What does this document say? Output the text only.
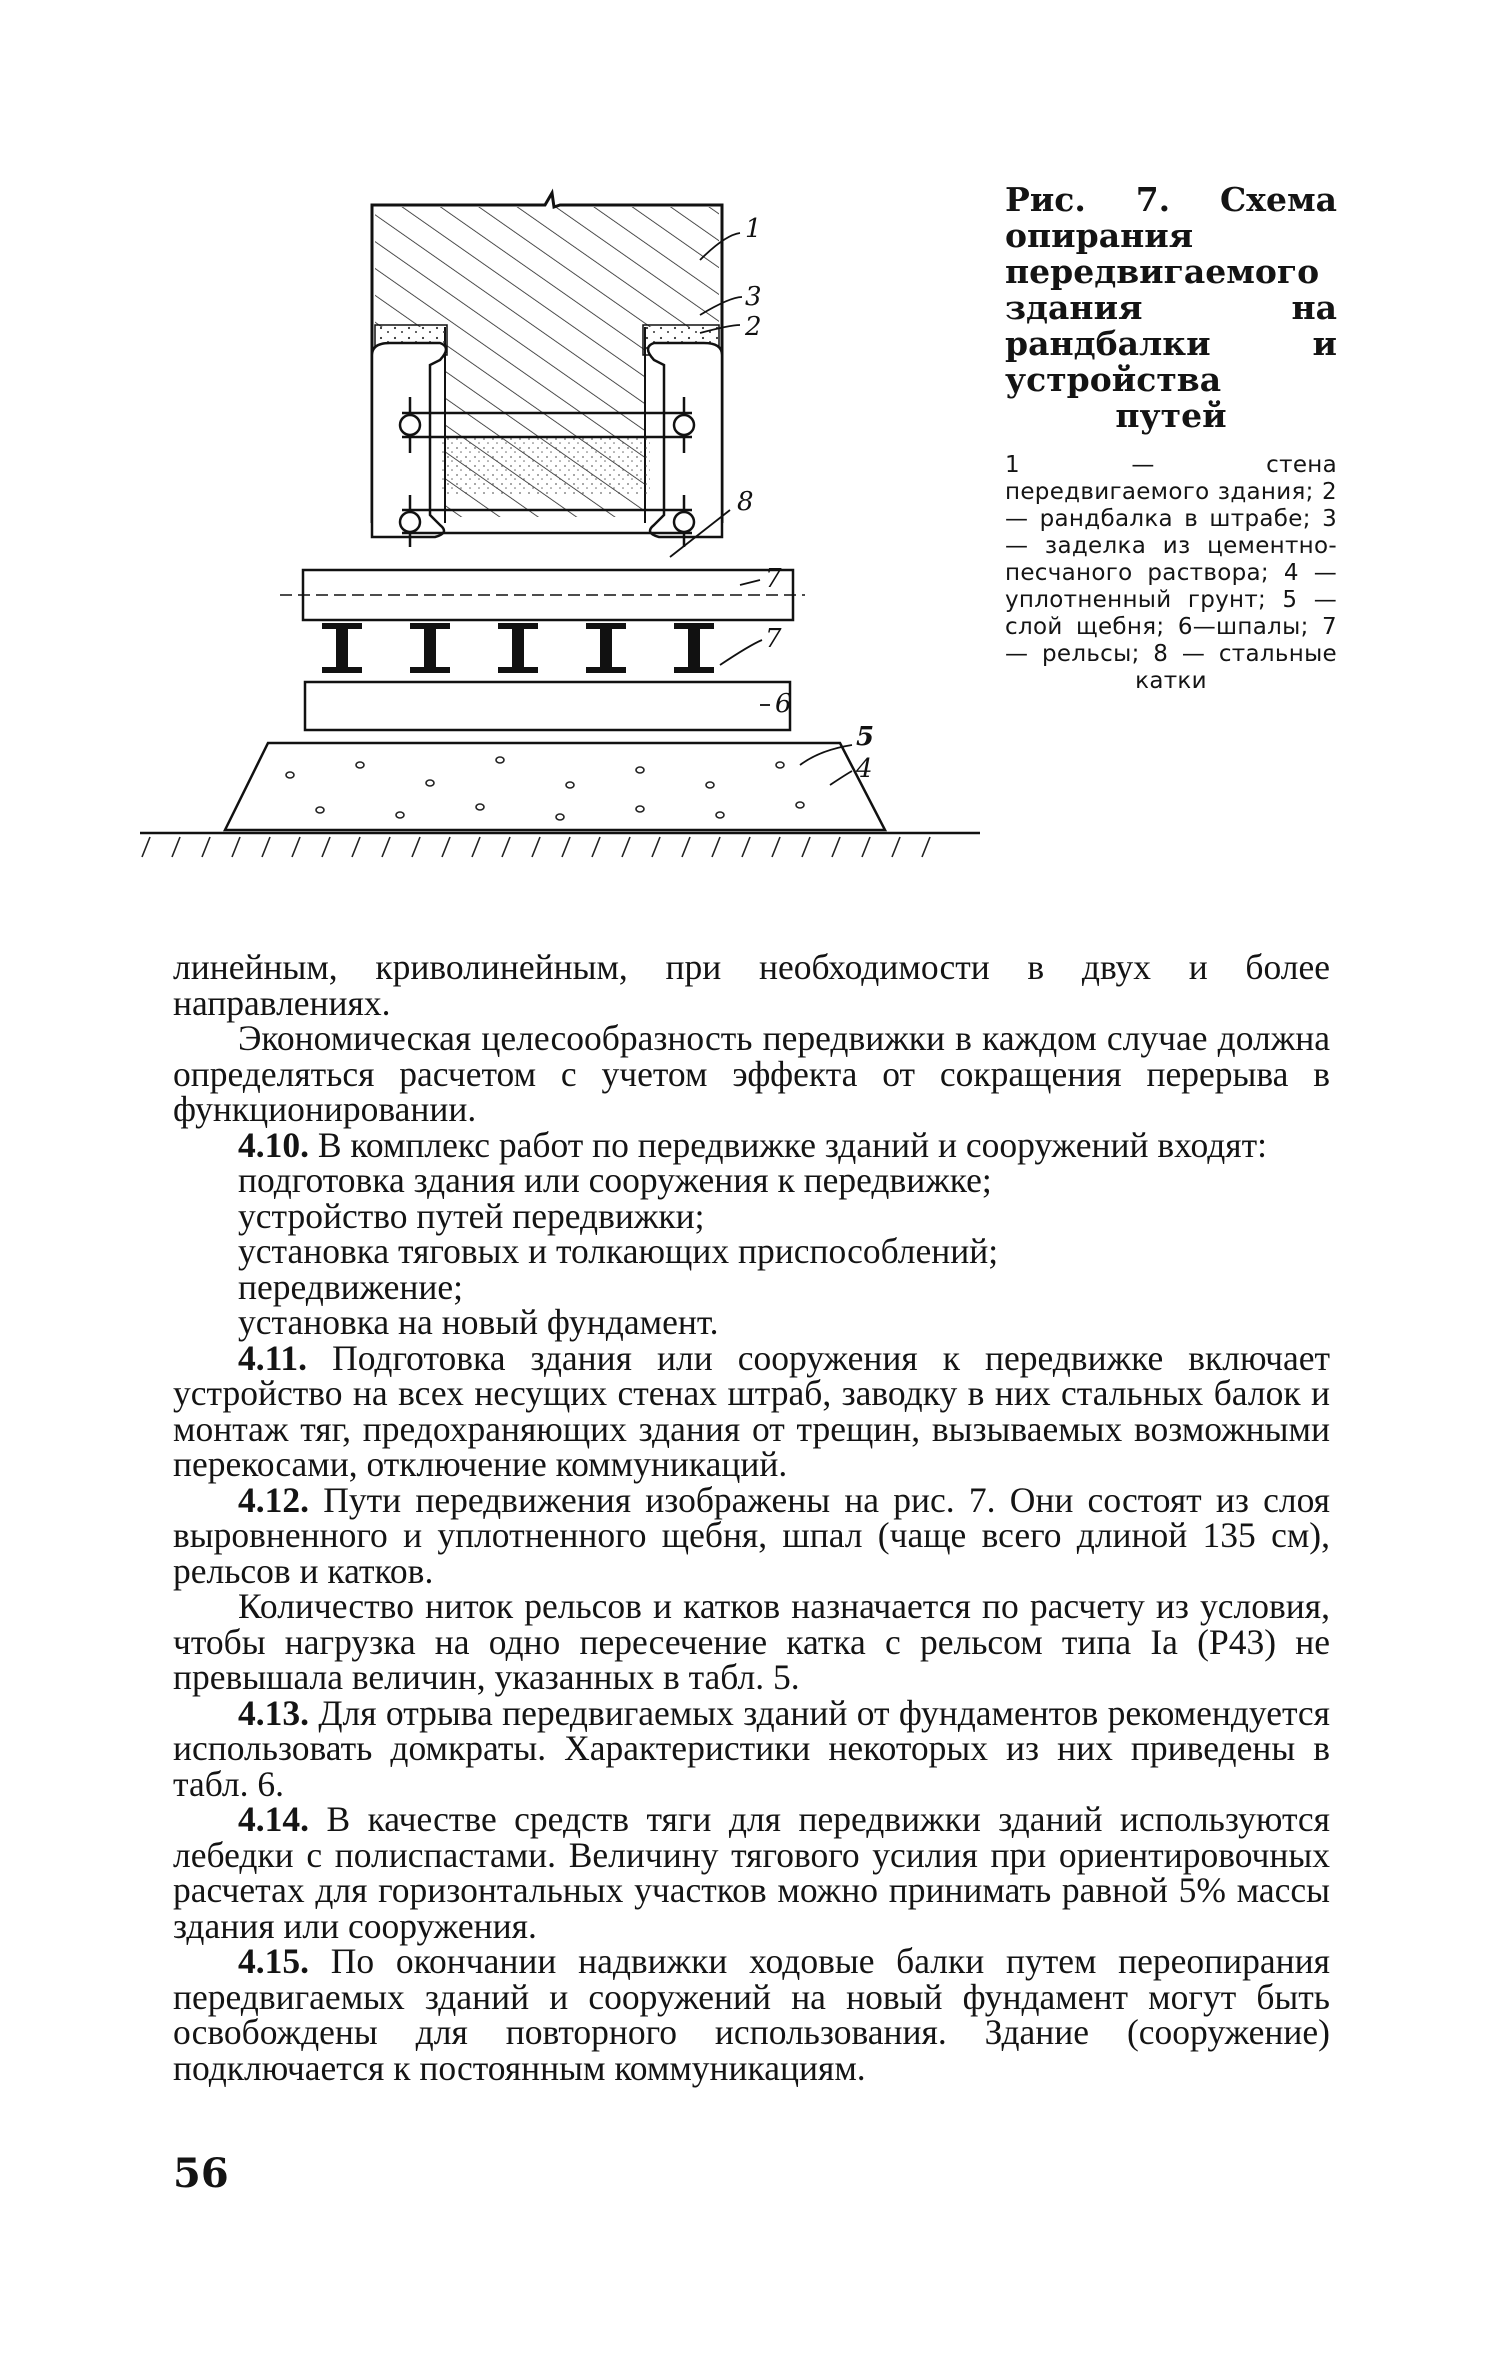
1
3
2
8
7
7
6
5
4

Рис. 7. Схема опирания передвигаемого здания на рандбалки и устройства путей

1 — стена передвигаемого здания; 2 — рандбалка в штрабе; 3 — заделка из цементно-песчаного раствора; 4 — уплотненный грунт; 5 — слой щебня; 6—шпалы; 7 — рельсы; 8 — стальные катки

линейным, криволинейным, при необходимости в двух и более направлениях.

Экономическая целесообразность передвижки в каждом случае должна определяться расчетом с учетом эффекта от сокращения перерыва в функционировании.

4.10. В комплекс работ по передвижке зданий и сооружений входят:

подготовка здания или сооружения к передвижке;

устройство путей передвижки;

установка тяговых и толкающих приспособлений;

передвижение;

установка на новый фундамент.

4.11. Подготовка здания или сооружения к передвижке включает устройство на всех несущих стенах штраб, заводку в них стальных балок и монтаж тяг, предохраняющих здания от трещин, вызываемых возможными перекосами, отключение коммуникаций.

4.12. Пути передвижения изображены на рис. 7. Они состоят из слоя выровненного и уплотненного щебня, шпал (чаще всего длиной 135 см), рельсов и катков.

Количество ниток рельсов и катков назначается по расчету из условия, чтобы нагрузка на одно пересечение катка с рельсом типа Ia (Р43) не превышала величин, указанных в табл. 5.

4.13. Для отрыва передвигаемых зданий от фундаментов рекомендуется использовать домкраты. Характеристики некоторых из них приведены в табл. 6.

4.14. В качестве средств тяги для передвижки зданий используются лебедки с полиспастами. Величину тягового усилия при ориентировочных расчетах для горизонтальных участков можно принимать равной 5% массы здания или сооружения.

4.15. По окончании надвижки ходовые балки путем переопирания передвигаемых зданий и сооружений на новый фундамент могут быть освобождены для повторного использования. Здание (сооружение) подключается к постоянным коммуникациям.

56
